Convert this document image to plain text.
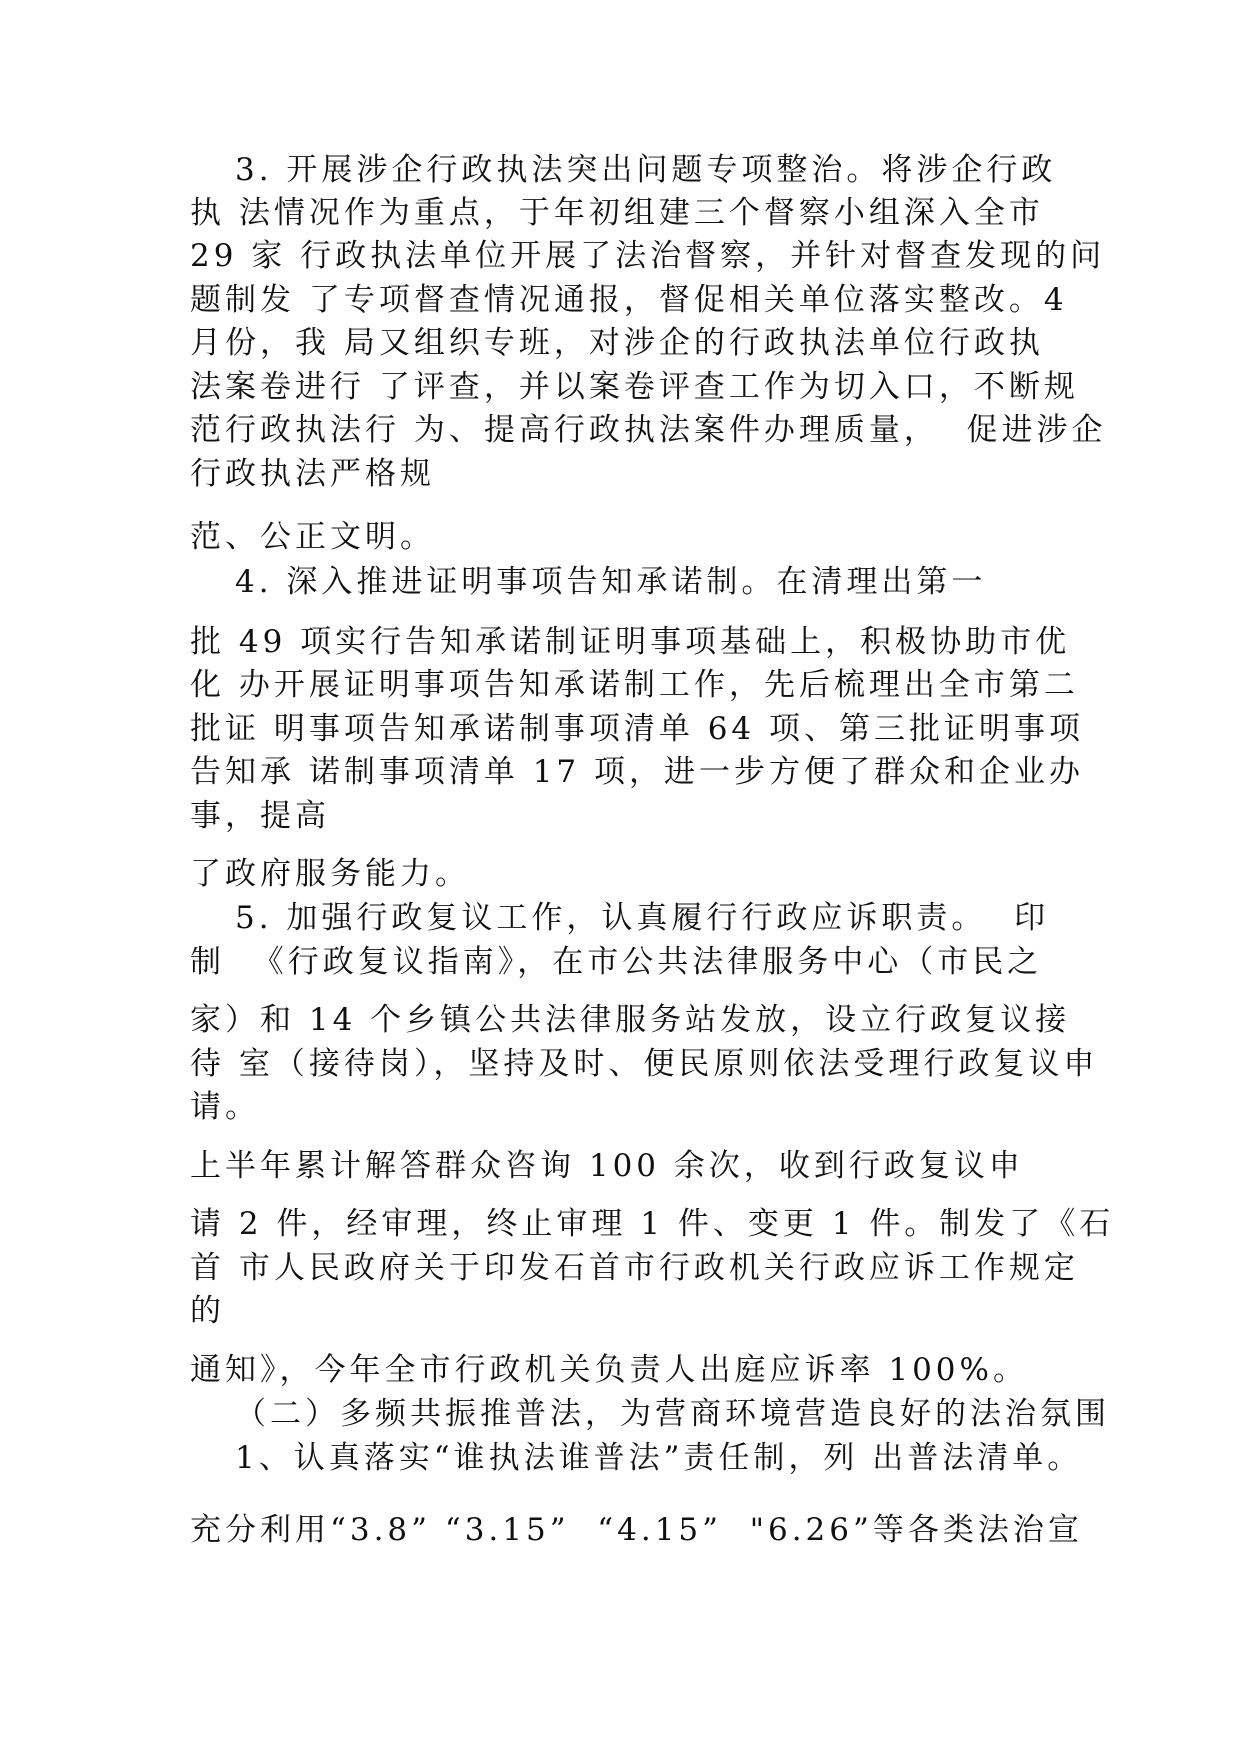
3. 开展涉企行政执法突出问题专项整治。将涉企行政
执 法情况作为重点，于年初组建三个督察小组深入全市
29 家 行政执法单位开展了法治督察，并针对督查发现的问
题制发 了专项督查情况通报，督促相关单位落实整改。4
月份，我 局又组织专班，对涉企的行政执法单位行政执
法案卷进行 了评查，并以案卷评查工作为切入口，不断规
范行政执法行 为、提高行政执法案件办理质量，  促进涉企
行政执法严格规
范、公正文明。
4. 深入推进证明事项告知承诺制。在清理出第一
批 49 项实行告知承诺制证明事项基础上，积极协助市优
化 办开展证明事项告知承诺制工作，先后梳理出全市第二
批证 明事项告知承诺制事项清单 64 项、第三批证明事项
告知承 诺制事项清单 17 项，进一步方便了群众和企业办
事，提高
了政府服务能力。
5. 加强行政复议工作，认真履行行政应诉职责。  印
制  《行政复议指南》，在市公共法律服务中心（市民之
家）和 14 个乡镇公共法律服务站发放，设立行政复议接
待 室（接待岗），坚持及时、便民原则依法受理行政复议申
请。
上半年累计解答群众咨询 100 余次，收到行政复议申
请 2 件，经审理，终止审理 1 件、变更 1 件。制发了《石
首 市人民政府关于印发石首市行政机关行政应诉工作规定
的
通知》，今年全市行政机关负责人出庭应诉率 100%。
（二）多频共振推普法，为营商环境营造良好的法治氛围
1、认真落实“谁执法谁普法”责任制，列 出普法清单。
充分利用“3.8” “3.15”  “4.15”  "6.26”等各类法治宣
